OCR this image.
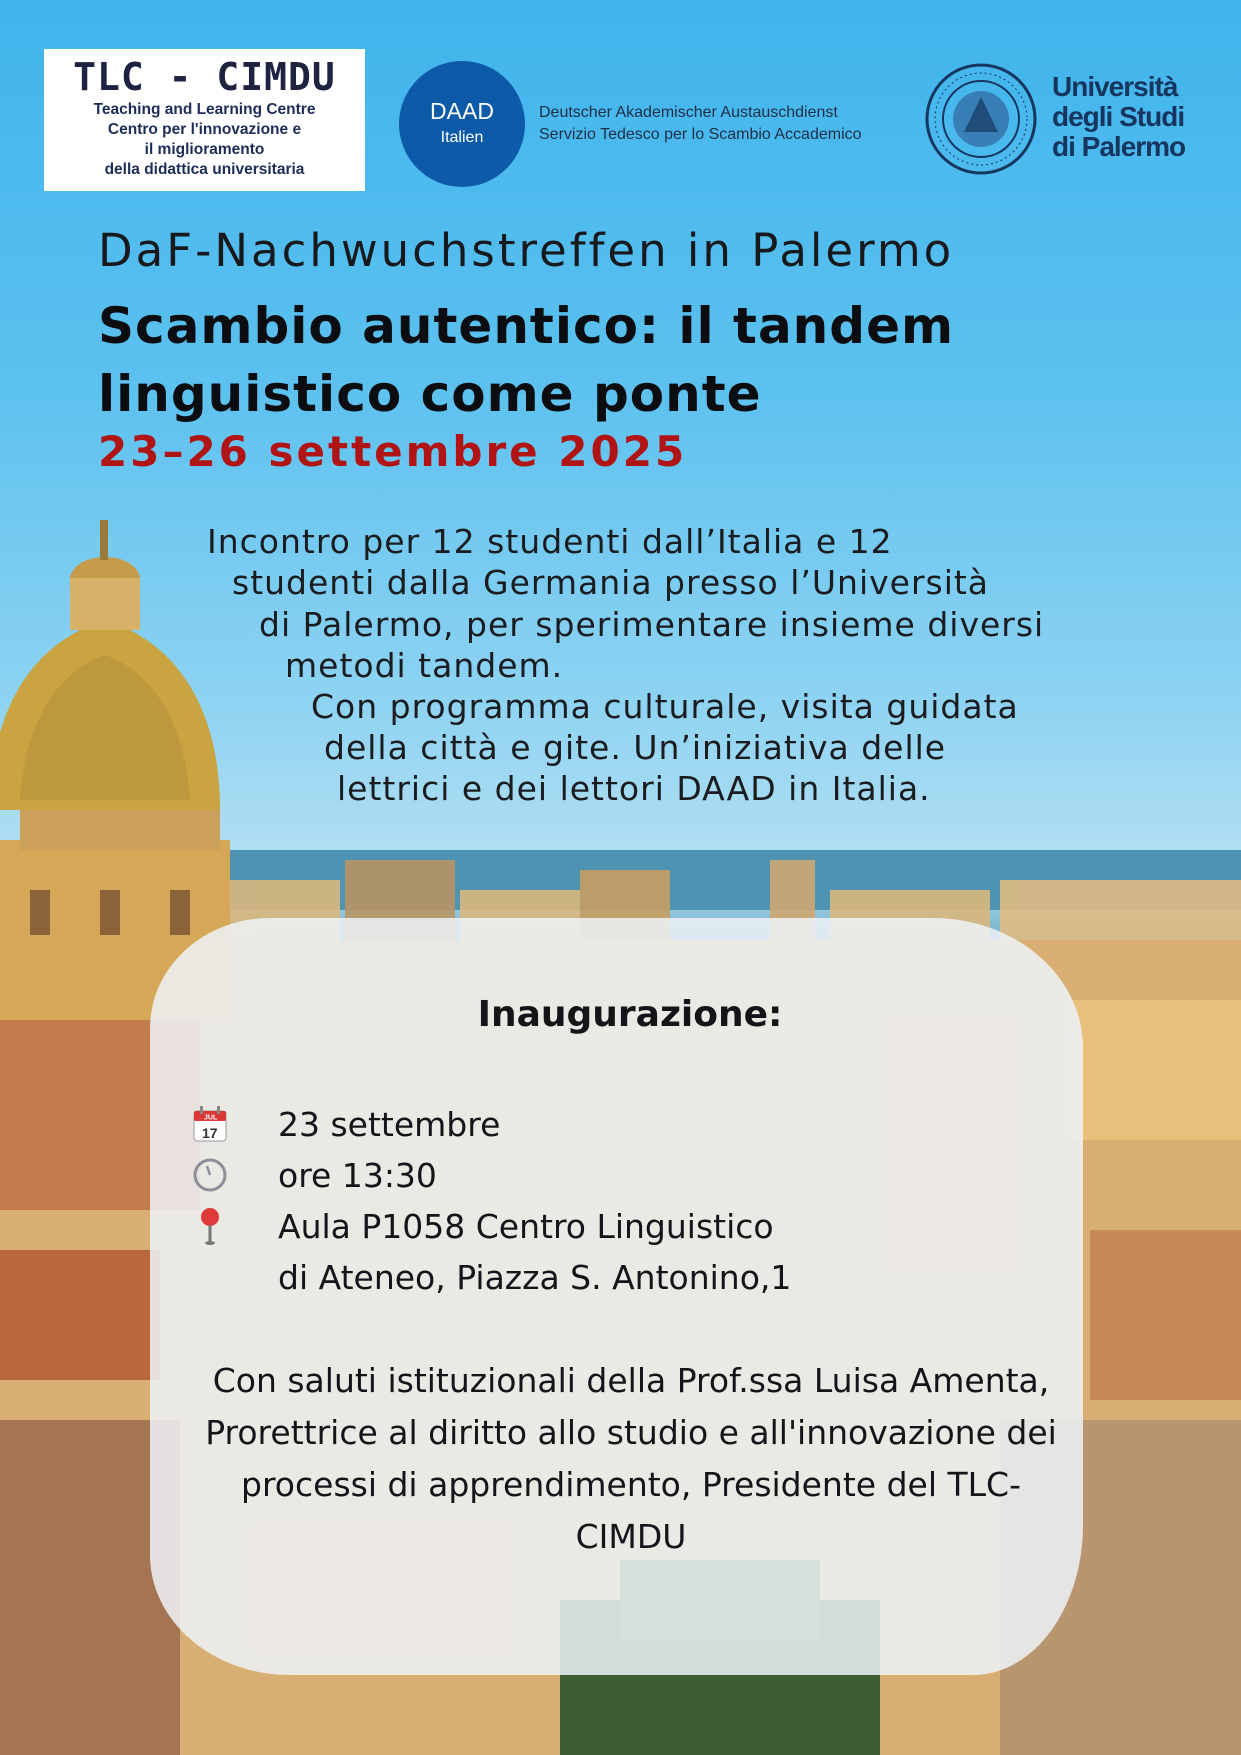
TLC - CIMDU
Teaching and Learning Centre
Centro per l'innovazione e
il miglioramento
della didattica universitaria
DAAD
Italien
Deutscher Akademischer Austauschdienst
Servizio Tedesco per lo Scambio Accademico
Università
degli Studi
di Palermo
DaF-Nachwuchstreffen in Palermo
Scambio autentico: il tandem linguistico come ponte
23–26 settembre 2025
Incontro per 12 studenti dall’Italia e 12
studenti dalla Germania presso l’Università
di Palermo, per sperimentare insieme diversi
metodi tandem.
Con programma culturale, visita guidata
della città e gite. Un’iniziativa delle
lettrici e dei lettori DAAD in Italia.
Inaugurazione:
JUL
17 23 settembre
ore 13:30
Aula P1058 Centro Linguistico
di Ateneo, Piazza S. Antonino,1
Con saluti istituzionali della Prof.ssa Luisa Amenta,
Prorettrice al diritto allo studio e all'innovazione dei
processi di apprendimento, Presidente del TLC-
CIMDU
